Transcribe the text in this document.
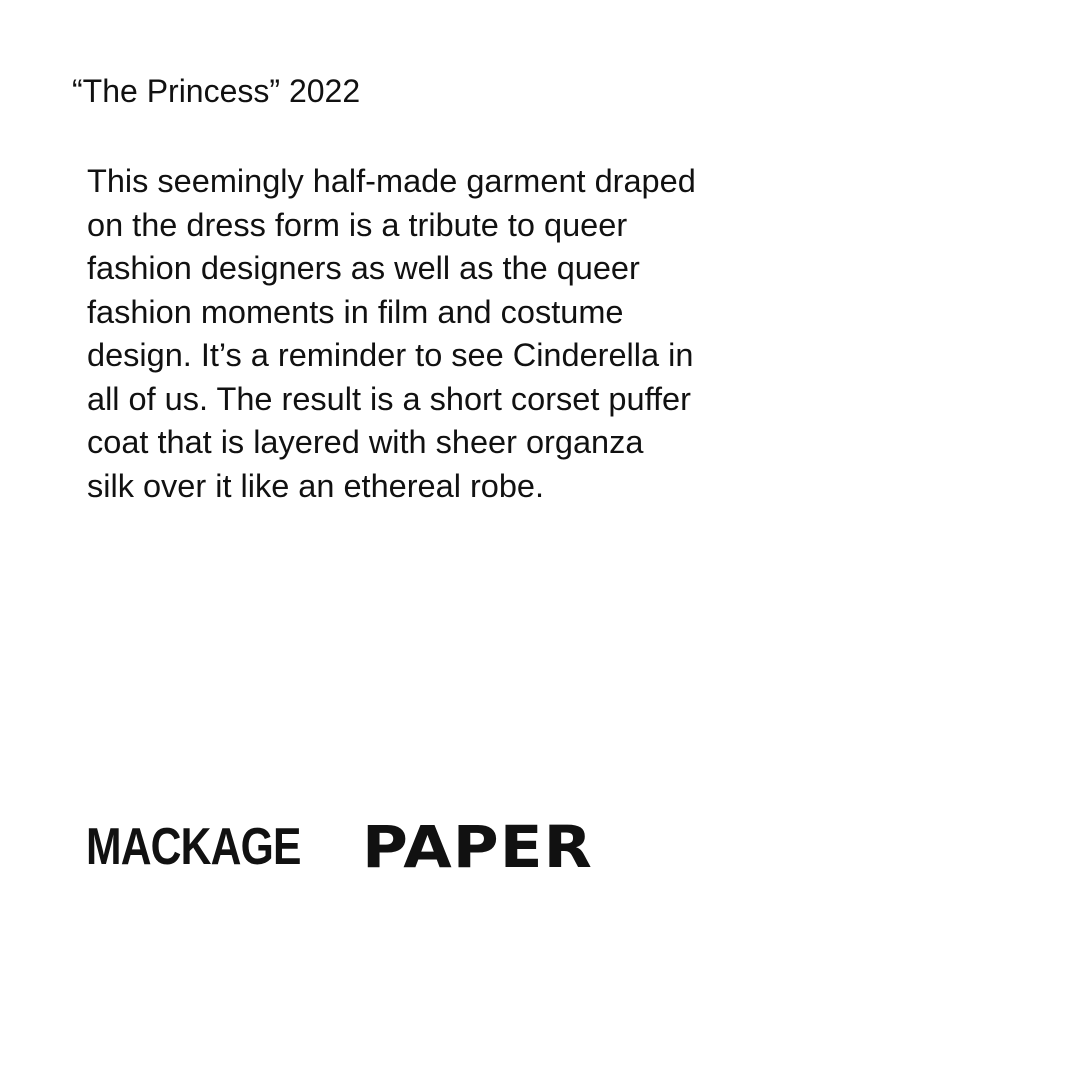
“The Princess” 2022
This seemingly half-made garment draped
on the dress form is a tribute to queer
fashion designers as well as the queer
fashion moments in film and costume
design. It’s a reminder to see Cinderella in
all of us. The result is a short corset puffer
coat that is layered with sheer organza
silk over it like an ethereal robe.
MACKAGE PAPER
